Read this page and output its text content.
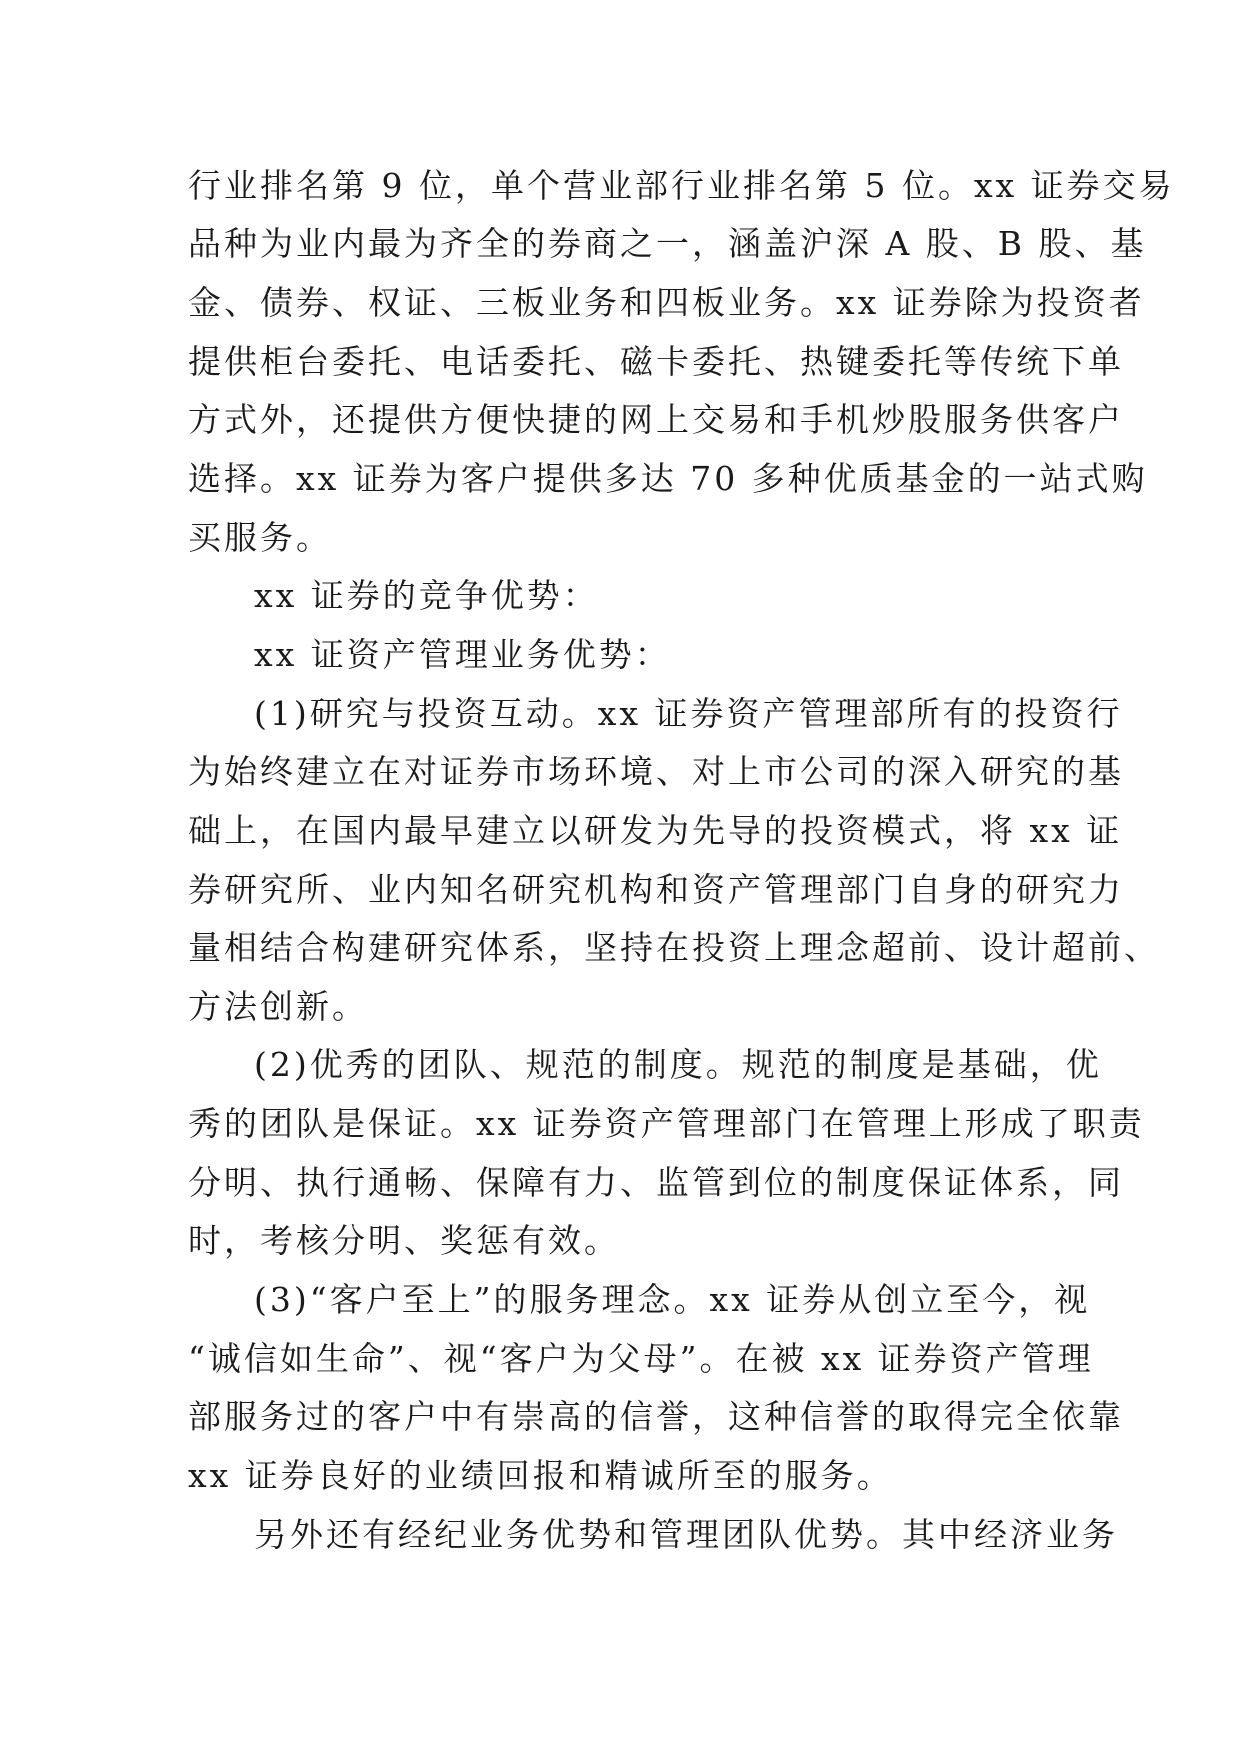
行业排名第 9 位，单个营业部行业排名第 5 位。xx 证券交易

品种为业内最为齐全的券商之一，涵盖沪深 A 股、B 股、基

金、债券、权证、三板业务和四板业务。xx 证券除为投资者

提供柜台委托、电话委托、磁卡委托、热键委托等传统下单

方式外，还提供方便快捷的网上交易和手机炒股服务供客户

选择。xx 证券为客户提供多达 70 多种优质基金的一站式购

买服务。

xx 证券的竞争优势：

xx 证资产管理业务优势：

(1)研究与投资互动。xx 证券资产管理部所有的投资行

为始终建立在对证券市场环境、对上市公司的深入研究的基

础上，在国内最早建立以研发为先导的投资模式，将 xx 证

券研究所、业内知名研究机构和资产管理部门自身的研究力

量相结合构建研究体系，坚持在投资上理念超前、设计超前、

方法创新。

(2)优秀的团队、规范的制度。规范的制度是基础，优

秀的团队是保证。xx 证券资产管理部门在管理上形成了职责

分明、执行通畅、保障有力、监管到位的制度保证体系，同

时，考核分明、奖惩有效。

(3)“客户至上”的服务理念。xx 证券从创立至今，视

“诚信如生命”、视“客户为父母”。在被 xx 证券资产管理

部服务过的客户中有崇高的信誉，这种信誉的取得完全依靠

xx 证券良好的业绩回报和精诚所至的服务。

另外还有经纪业务优势和管理团队优势。其中经济业务
